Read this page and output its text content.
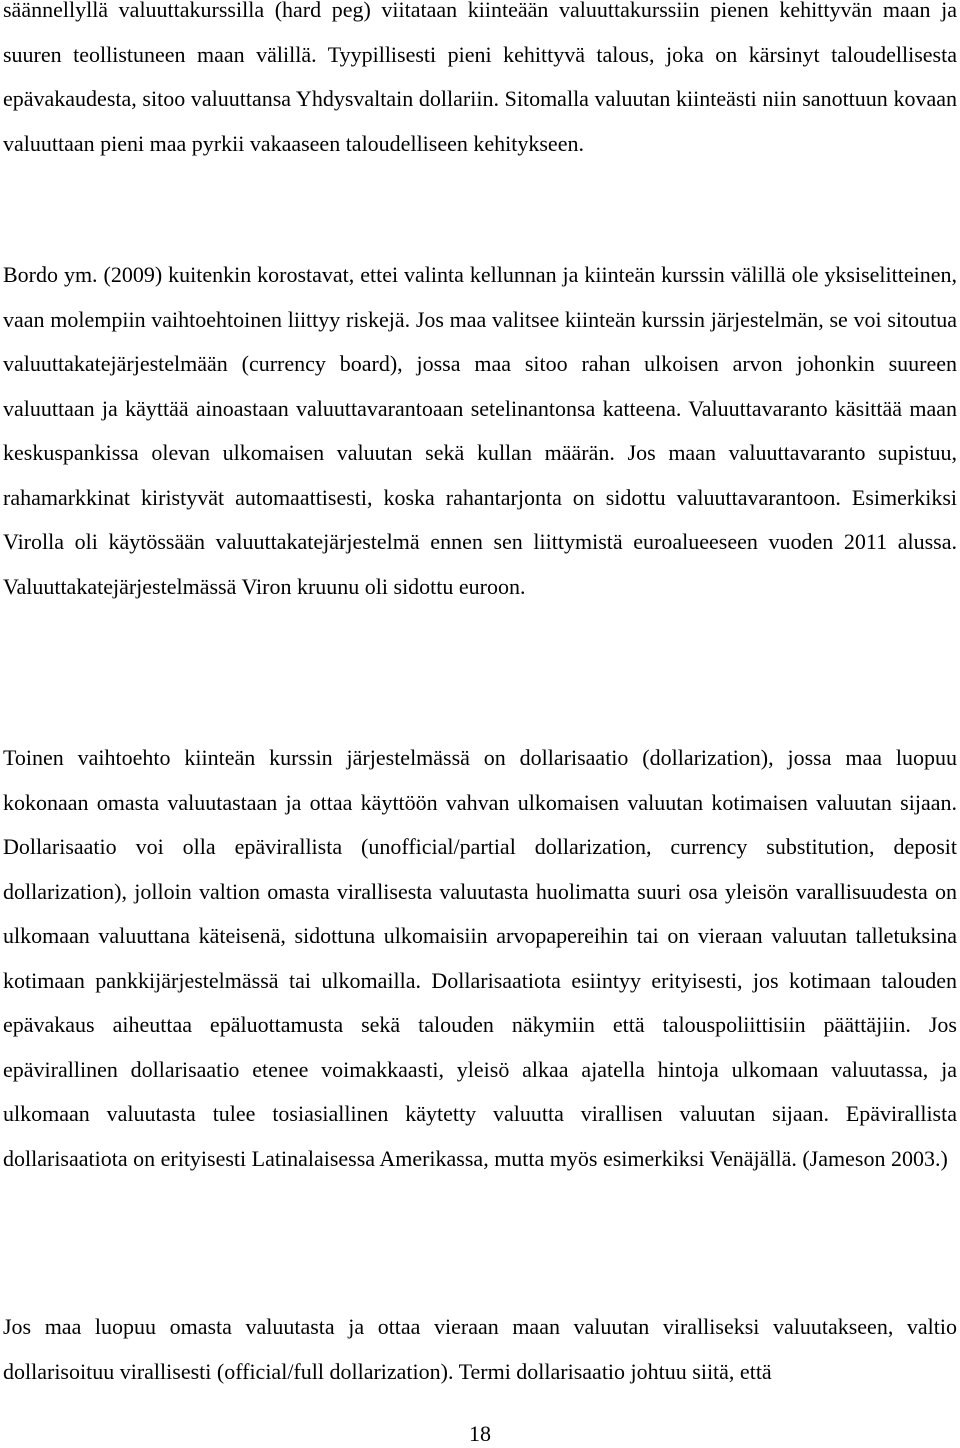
säännellyllä valuuttakurssilla (hard peg) viitataan kiinteään valuuttakurssiin pienen kehittyvän maan ja suuren teollistuneen maan välillä. Tyypillisesti pieni kehittyvä talous, joka on kärsinyt taloudellisesta epävakaudesta, sitoo valuuttansa Yhdysvaltain dollariin. Sitomalla valuutan kiinteästi niin sanottuun kovaan valuuttaan pieni maa pyrkii vakaaseen taloudelliseen kehitykseen.

Bordo ym. (2009) kuitenkin korostavat, ettei valinta kellunnan ja kiinteän kurssin välillä ole yksiselitteinen, vaan molempiin vaihtoehtoinen liittyy riskejä. Jos maa valitsee kiinteän kurssin järjestelmän, se voi sitoutua valuuttakatejärjestelmään (currency board), jossa maa sitoo rahan ulkoisen arvon johonkin suureen valuuttaan ja käyttää ainoastaan valuuttavarantoaan setelinantonsa katteena. Valuuttavaranto käsittää maan keskuspankissa olevan ulkomaisen valuutan sekä kullan määrän. Jos maan valuuttavaranto supistuu, rahamarkkinat kiristyvät automaattisesti, koska rahantarjonta on sidottu valuuttavarantoon. Esimerkiksi Virolla oli käytössään valuuttakatejärjestelmä ennen sen liittymistä euroalueeseen vuoden 2011 alussa. Valuuttakatejärjestelmässä Viron kruunu oli sidottu euroon.

Toinen vaihtoehto kiinteän kurssin järjestelmässä on dollarisaatio (dollarization), jossa maa luopuu kokonaan omasta valuutastaan ja ottaa käyttöön vahvan ulkomaisen valuutan kotimaisen valuutan sijaan. Dollarisaatio voi olla epävirallista (unofficial/partial dollarization, currency substitution, deposit dollarization), jolloin valtion omasta virallisesta valuutasta huolimatta suuri osa yleisön varallisuudesta on ulkomaan valuuttana käteisenä, sidottuna ulkomaisiin arvopapereihin tai on vieraan valuutan talletuksina kotimaan pankkijärjestelmässä tai ulkomailla. Dollarisaatiota esiintyy erityisesti, jos kotimaan talouden epävakaus aiheuttaa epäluottamusta sekä talouden näkymiin että talouspoliittisiin päättäjiin. Jos epävirallinen dollarisaatio etenee voimakkaasti, yleisö alkaa ajatella hintoja ulkomaan valuutassa, ja ulkomaan valuutasta tulee tosiasiallinen käytetty valuutta virallisen valuutan sijaan. Epävirallista dollarisaatiota on erityisesti Latinalaisessa Amerikassa, mutta myös esimerkiksi Venäjällä. (Jameson 2003.)

Jos maa luopuu omasta valuutasta ja ottaa vieraan maan valuutan viralliseksi valuutakseen, valtio dollarisoituu virallisesti (official/full dollarization). Termi dollarisaatio johtuu siitä, että

18
